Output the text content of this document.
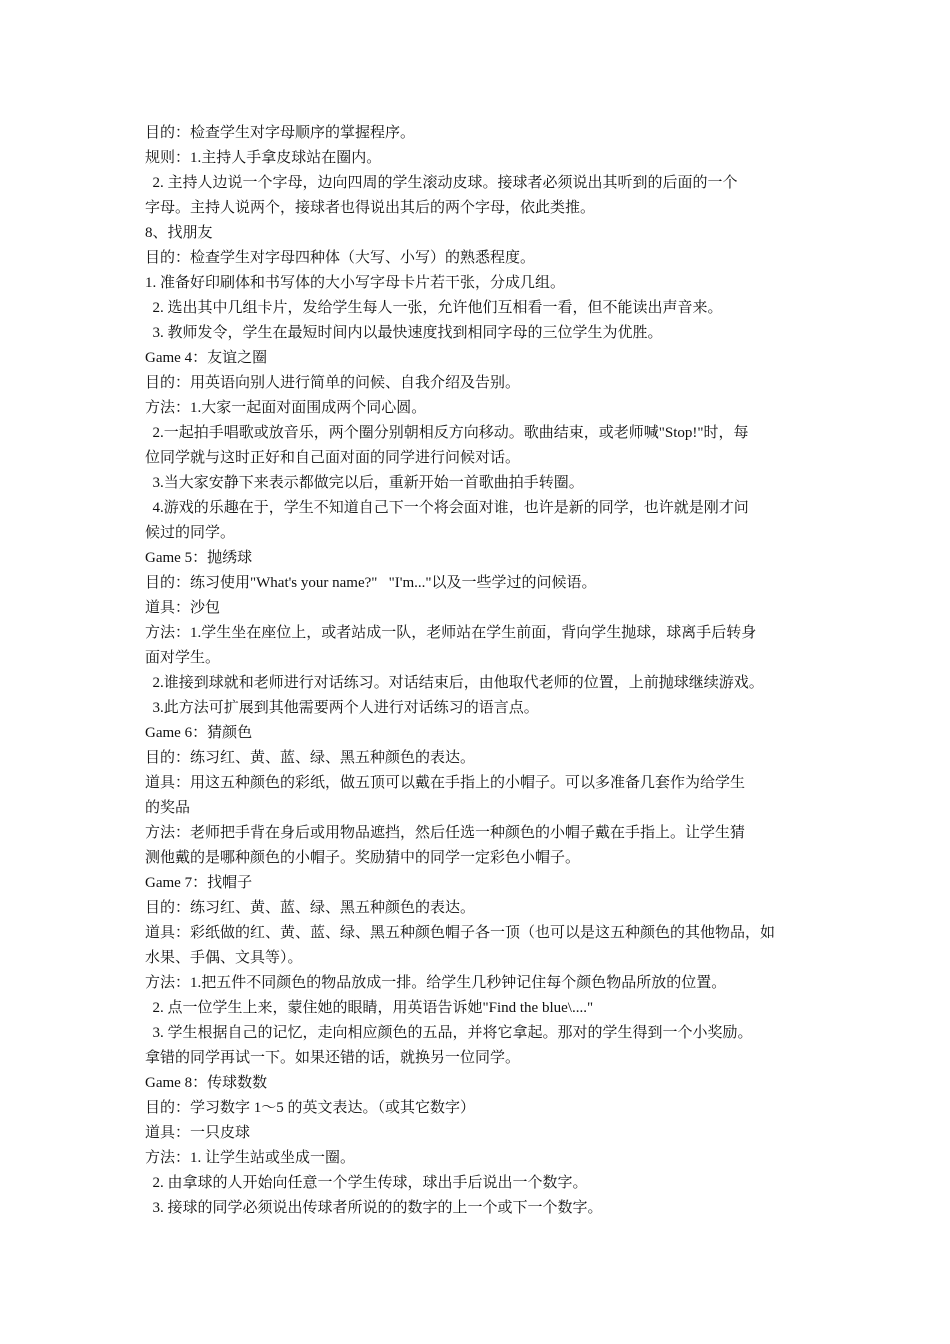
目的：检查学生对字母顺序的掌握程序。
规则：1.主持人手拿皮球站在圈内。
2. 主持人边说一个字母，边向四周的学生滚动皮球。接球者必须说出其听到的后面的一个
字母。主持人说两个，接球者也得说出其后的两个字母，依此类推。
8、找朋友
目的：检查学生对字母四种体（大写、小写）的熟悉程度。
1. 准备好印刷体和书写体的大小写字母卡片若干张，分成几组。
2. 选出其中几组卡片，发给学生每人一张，允许他们互相看一看，但不能读出声音来。
3. 教师发令，学生在最短时间内以最快速度找到相同字母的三位学生为优胜。
Game 4：友谊之圈
目的：用英语向别人进行简单的问候、自我介绍及告别。
方法：1.大家一起面对面围成两个同心圆。
2.一起拍手唱歌或放音乐，两个圈分别朝相反方向移动。歌曲结束，或老师喊"Stop!"时，每
位同学就与这时正好和自己面对面的同学进行问候对话。
3.当大家安静下来表示都做完以后，重新开始一首歌曲拍手转圈。
4.游戏的乐趣在于，学生不知道自己下一个将会面对谁，也许是新的同学，也许就是刚才问
候过的同学。
Game 5：抛绣球
目的：练习使用"What's your name?"   "I'm..."以及一些学过的问候语。
道具：沙包
方法：1.学生坐在座位上，或者站成一队，老师站在学生前面，背向学生抛球，球离手后转身
面对学生。
2.谁接到球就和老师进行对话练习。对话结束后，由他取代老师的位置，上前抛球继续游戏。
3.此方法可扩展到其他需要两个人进行对话练习的语言点。
Game 6：猜颜色
目的：练习红、黄、蓝、绿、黑五种颜色的表达。
道具：用这五种颜色的彩纸，做五顶可以戴在手指上的小帽子。可以多准备几套作为给学生
的奖品
方法：老师把手背在身后或用物品遮挡，然后任选一种颜色的小帽子戴在手指上。让学生猜
测他戴的是哪种颜色的小帽子。奖励猜中的同学一定彩色小帽子。
Game 7：找帽子
目的：练习红、黄、蓝、绿、黑五种颜色的表达。
道具：彩纸做的红、黄、蓝、绿、黑五种颜色帽子各一顶（也可以是这五种颜色的其他物品，如
水果、手偶、文具等）。
方法：1.把五件不同颜色的物品放成一排。给学生几秒钟记住每个颜色物品所放的位置。
2. 点一位学生上来，蒙住她的眼睛，用英语告诉她"Find the blue\...."
3. 学生根据自己的记忆，走向相应颜色的五品，并将它拿起。那对的学生得到一个小奖励。
拿错的同学再试一下。如果还错的话，就换另一位同学。
Game 8：传球数数
目的：学习数字 1～5 的英文表达。（或其它数字）
道具：一只皮球
方法：1. 让学生站或坐成一圈。
2. 由拿球的人开始向任意一个学生传球，球出手后说出一个数字。
3. 接球的同学必须说出传球者所说的的数字的上一个或下一个数字。
